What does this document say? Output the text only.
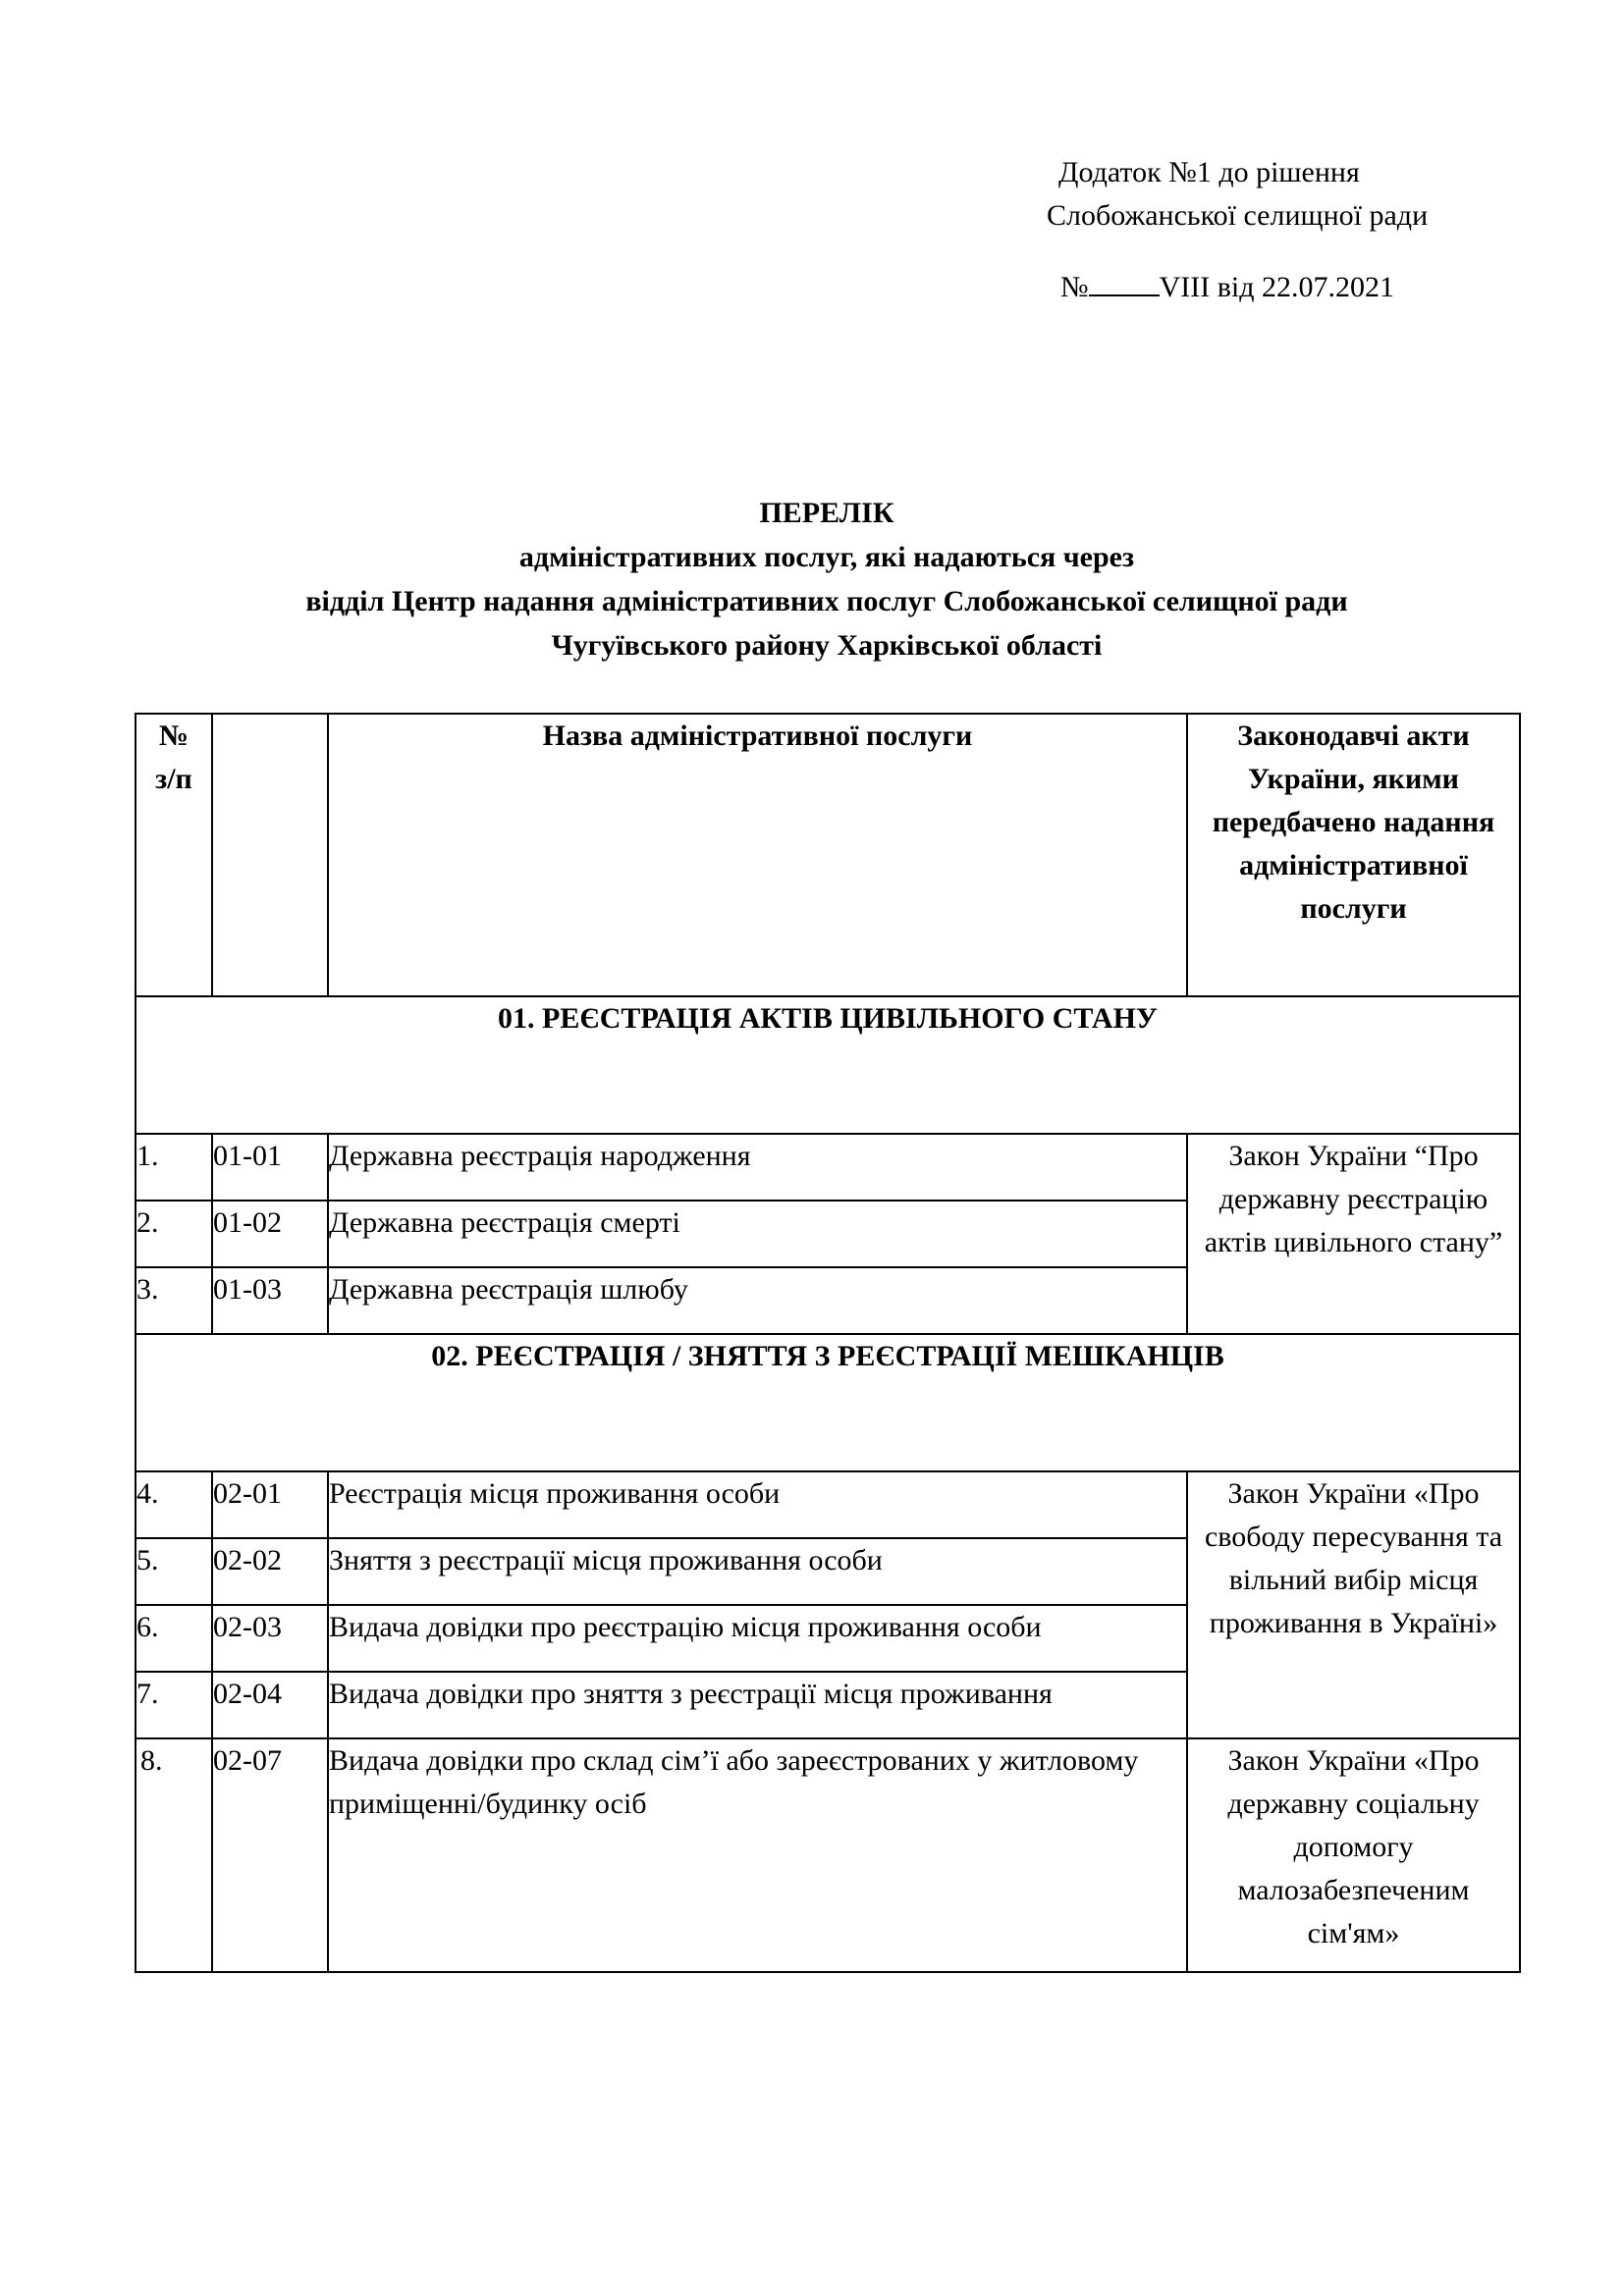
Додаток №1 до рішення
Слобожанської селищної ради
№ VIII від 22.07.2021
ПЕРЕЛІК
адміністративних послуг, які надаються через
відділ Центр надання адміністративних послуг Слобожанської селищної ради
Чугуївського району Харківської області
№
з/п		Назва адміністративної послуги	Законодавчі акти України, якими передбачено надання адміністративної послуги
01. РЕЄСТРАЦІЯ АКТІВ ЦИВІЛЬНОГО СТАНУ			
1.	01-01	Державна реєстрація народження	Закон України “Про державну реєстрацію актів цивільного стану”
2.	01-02	Державна реєстрація смерті	
3.	01-03	Державна реєстрація шлюбу	
02. РЕЄСТРАЦІЯ / ЗНЯТТЯ З РЕЄСТРАЦІЇ МЕШКАНЦІВ			
4.	02-01	Реєстрація місця проживання особи	Закон України «Про свободу пересування та вільний вибір місця проживання в Україні»
5.	02-02	Зняття з реєстрації місця проживання особи	
6.	02-03	Видача довідки про реєстрацію місця проживання особи	
7.	02-04	Видача довідки про зняття з реєстрації місця проживання	
8.	02-07	Видача довідки про склад сім’ї або зареєстрованих у житловому приміщенні/будинку осіб	Закон України «Про державну соціальну допомогу малозабезпеченим сім'ям»
